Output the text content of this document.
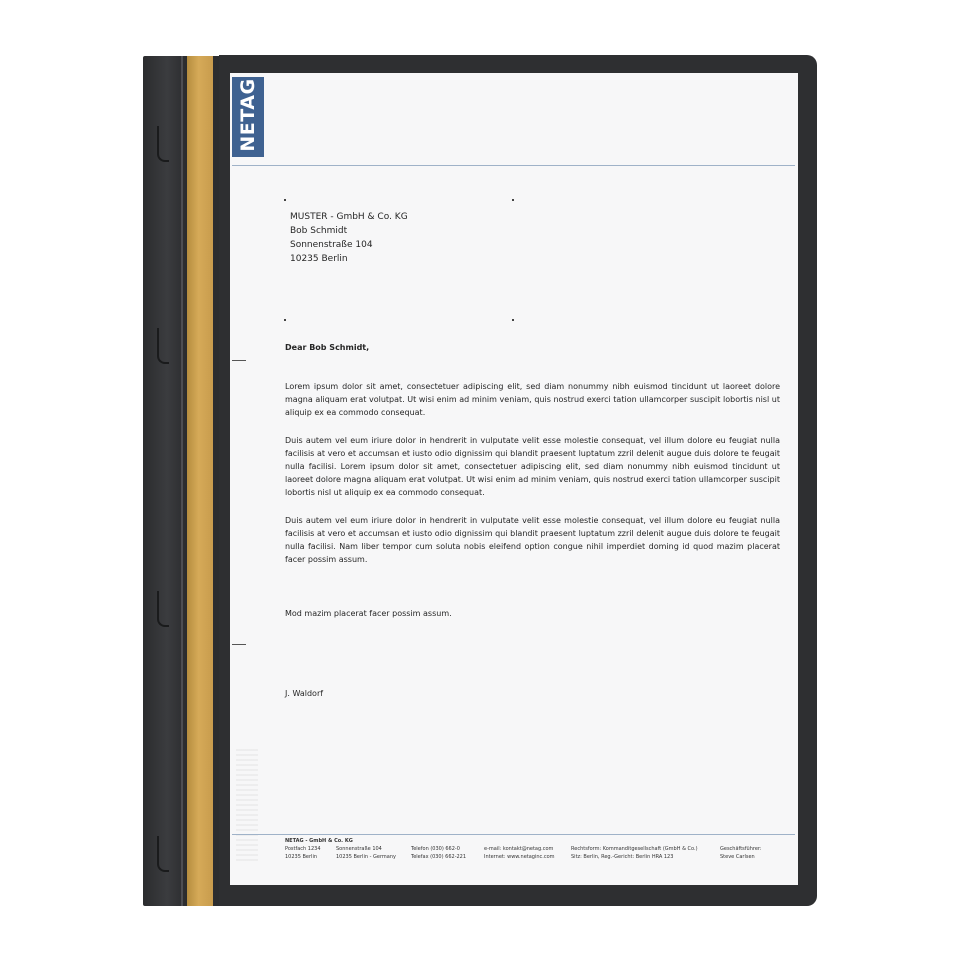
NETAG
MUSTER - GmbH & Co. KG
Bob Schmidt
Sonnenstraße 104
10235 Berlin
Dear Bob Schmidt,
Lorem ipsum dolor sit amet, consectetuer adipiscing elit, sed diam nonummy nibh euismod tincidunt ut laoreet dolore magna aliquam erat volutpat. Ut wisi enim ad minim veniam, quis nostrud exerci tation ullamcorper suscipit lobortis nisl ut aliquip ex ea commodo consequat.
Duis autem vel eum iriure dolor in hendrerit in vulputate velit esse molestie consequat, vel illum dolore eu feugiat nulla facilisis at vero et accumsan et iusto odio dignissim qui blandit praesent luptatum zzril delenit augue duis dolore te feugait nulla facilisi. Lorem ipsum dolor sit amet, consectetuer adipiscing elit, sed diam nonummy nibh euismod tincidunt ut laoreet dolore magna aliquam erat volutpat. Ut wisi enim ad minim veniam, quis nostrud exerci tation ullamcorper suscipit lobortis nisl ut aliquip ex ea commodo consequat.
Duis autem vel eum iriure dolor in hendrerit in vulputate velit esse molestie consequat, vel illum dolore eu feugiat nulla facilisis at vero et accumsan et iusto odio dignissim qui blandit praesent luptatum zzril delenit augue duis dolore te feugait nulla facilisi. Nam liber tempor cum soluta nobis eleifend option congue nihil imperdiet doming id quod mazim placerat facer possim assum.
Mod mazim placerat facer possim assum.
J. Waldorf
NETAG - GmbH & Co. KG
Postfach 1234
10235 Berlin
Sonnenstraße 104
10235 Berlin - Germany
Telefon (030) 662-0
Telefax (030) 662-221
e-mail: kontakt@netag.com
Internet: www.netaginc.com
Rechtsform: Kommanditgesellschaft (GmbH & Co.)
Sitz: Berlin, Reg.-Gericht: Berlin HRA 123
Geschäftsführer:
Steve Carlsen
